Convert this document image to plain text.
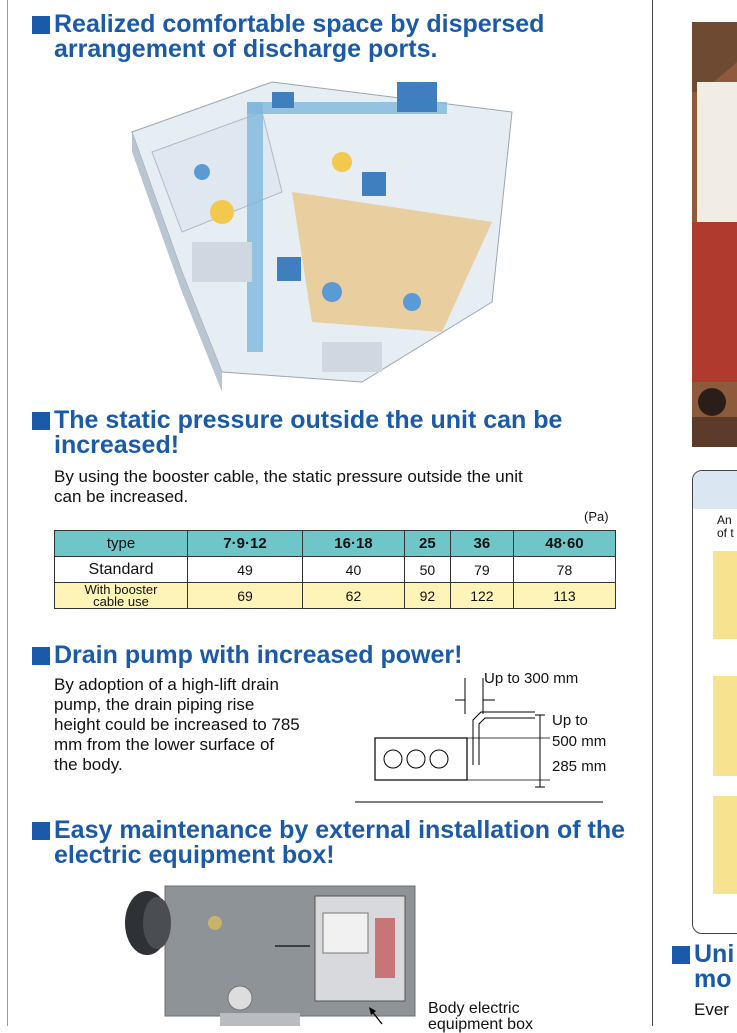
Realized comfortable space by dispersed
arrangement of discharge ports.
The static pressure outside the unit can be
increased!
By using the booster cable, the static pressure outside the unit
can be increased.
(Pa)
type	7·9·12	16·18	25	36	48·60
Standard	49	40	50	79	78
With booster
cable use	69	62	92	122	113
Drain pump with increased power!
By adoption of a high-lift drain
pump, the drain piping rise
height could be increased to 785
mm from the lower surface of
the body.
Up to 300 mm
Up to
500 mm
285 mm
Easy maintenance by external installation of the
electric equipment box!
Body electric
equipment box
An
of t
Uni
mo
Ever
